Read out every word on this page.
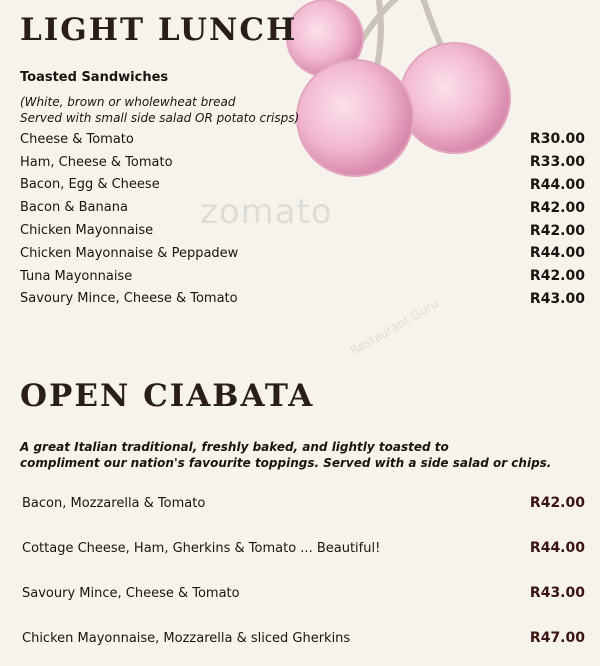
zomato
Restaurant Guru
LIGHT LUNCH
Toasted Sandwiches
(White, brown or wholewheat bread
Served with small side salad OR potato crisps)
Cheese & Tomato	R30.00
Ham, Cheese & Tomato	R33.00
Bacon, Egg & Cheese	R44.00
Bacon & Banana	R42.00
Chicken Mayonnaise	R42.00
Chicken Mayonnaise & Peppadew	R44.00
Tuna Mayonnaise	R42.00
Savoury Mince, Cheese & Tomato	R43.00
OPEN CIABATA
A great Italian traditional, freshly baked, and lightly toasted to
compliment our nation's favourite toppings. Served with a side salad or chips.
Bacon, Mozzarella & Tomato	R42.00
Cottage Cheese, Ham, Gherkins & Tomato ... Beautiful!	R44.00
Savoury Mince, Cheese & Tomato	R43.00
Chicken Mayonnaise, Mozzarella & sliced Gherkins	R47.00
